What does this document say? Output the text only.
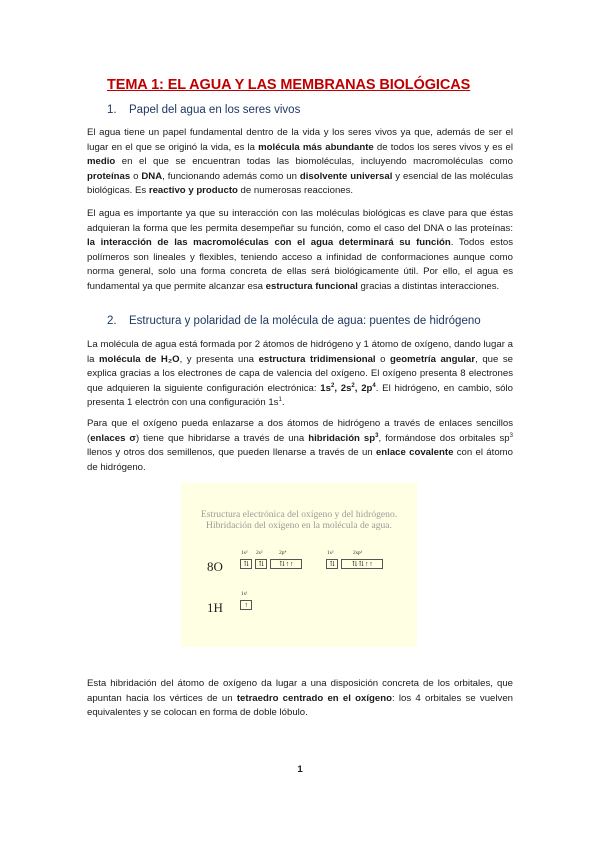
TEMA 1: EL AGUA Y LAS MEMBRANAS BIOLÓGICAS
1. Papel del agua en los seres vivos

El agua tiene un papel fundamental dentro de la vida y los seres vivos ya que, además de ser el lugar en el que se originó la vida, es la molécula más abundante de todos los seres vivos y es el medio en el que se encuentran todas las biomoléculas, incluyendo macromoléculas como proteínas o DNA, funcionando además como un disolvente universal y esencial de las moléculas biológicas. Es reactivo y producto de numerosas reacciones.

El agua es importante ya que su interacción con las moléculas biológicas es clave para que éstas adquieran la forma que les permita desempeñar su función, como el caso del DNA o las proteínas: la interacción de las macromoléculas con el agua determinará su función. Todos estos polímeros son lineales y flexibles, teniendo acceso a infinidad de conformaciones aunque como norma general, solo una forma concreta de ellas será biológicamente útil. Por ello, el agua es fundamental ya que permite alcanzar esa estructura funcional gracias a distintas interacciones.

2. Estructura y polaridad de la molécula de agua: puentes de hidrógeno

La molécula de agua está formada por 2 átomos de hidrógeno y 1 átomo de oxígeno, dando lugar a la molécula de H₂O, y presenta una estructura tridimensional o geometría angular, que se explica gracias a los electrones de capa de valencia del oxígeno. El oxígeno presenta 8 electrones que adquieren la siguiente configuración electrónica: $1s^2$, $2s^2$, $2p^4$. El hidrógeno, en cambio, sólo presenta 1 electrón con una configuración $1s^1$.

Para que el oxígeno pueda enlazarse a dos átomos de hidrógeno a través de enlaces sencillos (enlaces σ) tiene que hibridarse a través de una hibridación $sp^3$, formándose dos orbitales $sp^3$ llenos y otros dos semillenos, que pueden llenarse a través de un enlace covalente con el átomo de hidrógeno.

Estructura electrónica del oxígeno y del hidrógeno.
Hibridación del oxígeno en la molécula de agua.
8O
1H
1s²
⇅
2s²
⇅
2p⁴
⇅ ↑ ↑
1s²
⇅
2sp³
⇅ ⇅ ↑ ↑
1s¹
↑

Esta hibridación del átomo de oxígeno da lugar a una disposición concreta de los orbitales, que apuntan hacia los vértices de un tetraedro centrado en el oxígeno: los 4 orbitales se vuelven equivalentes y se colocan en forma de doble lóbulo.

1
